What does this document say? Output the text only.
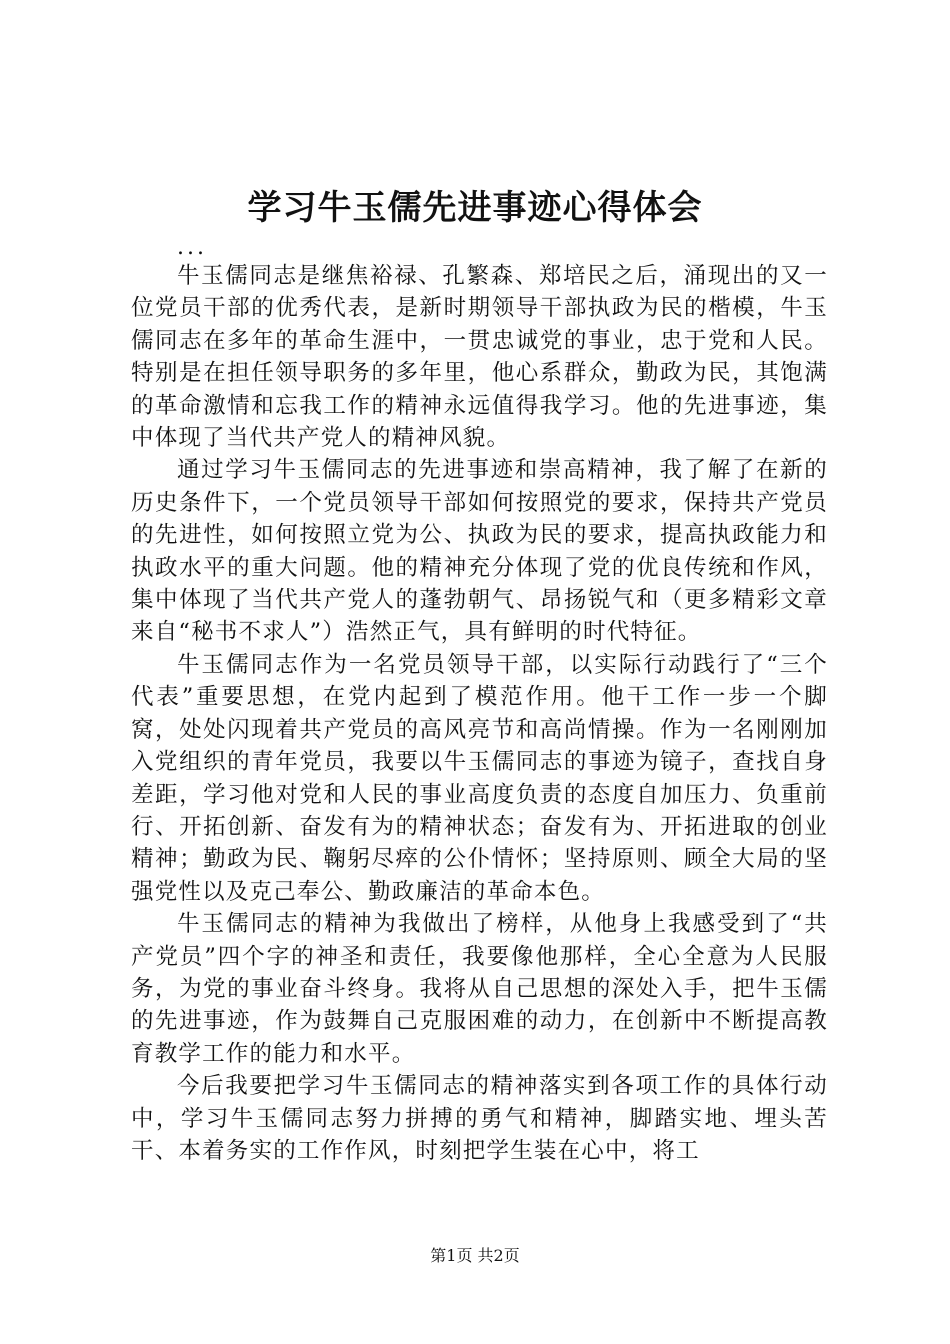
学习牛玉儒先进事迹心得体会
...

牛玉儒同志是继焦裕禄、孔繁森、郑培民之后，涌现出的又一位党员干部的优秀代表，是新时期领导干部执政为民的楷模，牛玉儒同志在多年的革命生涯中，一贯忠诚党的事业，忠于党和人民。特别是在担任领导职务的多年里，他心系群众，勤政为民，其饱满的革命激情和忘我工作的精神永远值得我学习。他的先进事迹，集中体现了当代共产党人的精神风貌。

通过学习牛玉儒同志的先进事迹和崇高精神，我了解了在新的历史条件下，一个党员领导干部如何按照党的要求，保持共产党员的先进性，如何按照立党为公、执政为民的要求，提高执政能力和执政水平的重大问题。他的精神充分体现了党的优良传统和作风，集中体现了当代共产党人的蓬勃朝气、昂扬锐气和（更多精彩文章来自“秘书不求人”）浩然正气，具有鲜明的时代特征。

牛玉儒同志作为一名党员领导干部，以实际行动践行了“三个代表”重要思想，在党内起到了模范作用。他干工作一步一个脚窝，处处闪现着共产党员的高风亮节和高尚情操。作为一名刚刚加入党组织的青年党员，我要以牛玉儒同志的事迹为镜子，查找自身差距，学习他对党和人民的事业高度负责的态度自加压力、负重前行、开拓创新、奋发有为的精神状态；奋发有为、开拓进取的创业精神；勤政为民、鞠躬尽瘁的公仆情怀；坚持原则、顾全大局的坚强党性以及克己奉公、勤政廉洁的革命本色。

牛玉儒同志的精神为我做出了榜样，从他身上我感受到了“共产党员”四个字的神圣和责任，我要像他那样，全心全意为人民服务，为党的事业奋斗终身。我将从自己思想的深处入手，把牛玉儒的先进事迹，作为鼓舞自己克服困难的动力，在创新中不断提高教育教学工作的能力和水平。

今后我要把学习牛玉儒同志的精神落实到各项工作的具体行动中，学习牛玉儒同志努力拼搏的勇气和精神，脚踏实地、埋头苦干、本着务实的工作作风，时刻把学生装在心中，将工

第1页 共2页
